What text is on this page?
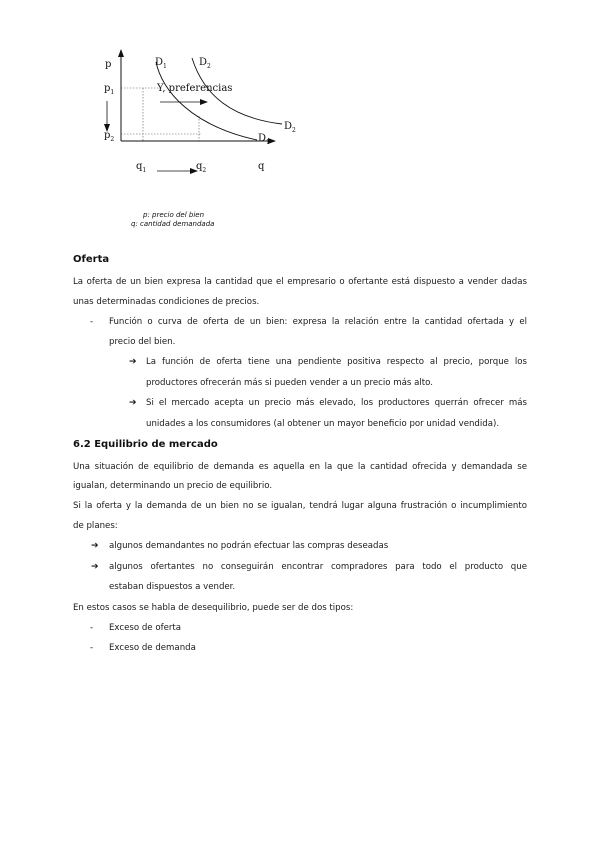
p
$p_1$
$p_2$
$D_1$	$D_2$
Y, preferencias
$D_2$
$D_1$
$q_1$	$q_2$	q
p: precio del bien
q: cantidad demandada
Oferta
La oferta de un bien expresa la cantidad que el empresario o ofertante está dispuesto a vender dadas
unas determinadas condiciones de precios.
- Función o curva de oferta de un bien: expresa la relación entre la cantidad ofertada y el
precio del bien.
➔ La función de oferta tiene una pendiente positiva respecto al precio, porque los
productores ofrecerán más si pueden vender a un precio más alto.
➔ Si el mercado acepta un precio más elevado, los productores querrán ofrecer más
unidades a los consumidores (al obtener un mayor beneficio por unidad vendida).
6.2 Equilibrio de mercado
Una situación de equilibrio de demanda es aquella en la que la cantidad ofrecida y demandada se
igualan, determinando un precio de equilibrio.
Si la oferta y la demanda de un bien no se igualan, tendrá lugar alguna frustración o incumplimiento
de planes:
➔ algunos demandantes no podrán efectuar las compras deseadas
➔ algunos ofertantes no conseguirán encontrar compradores para todo el producto que
estaban dispuestos a vender.
En estos casos se habla de desequilibrio, puede ser de dos tipos:
- Exceso de oferta
- Exceso de demanda
